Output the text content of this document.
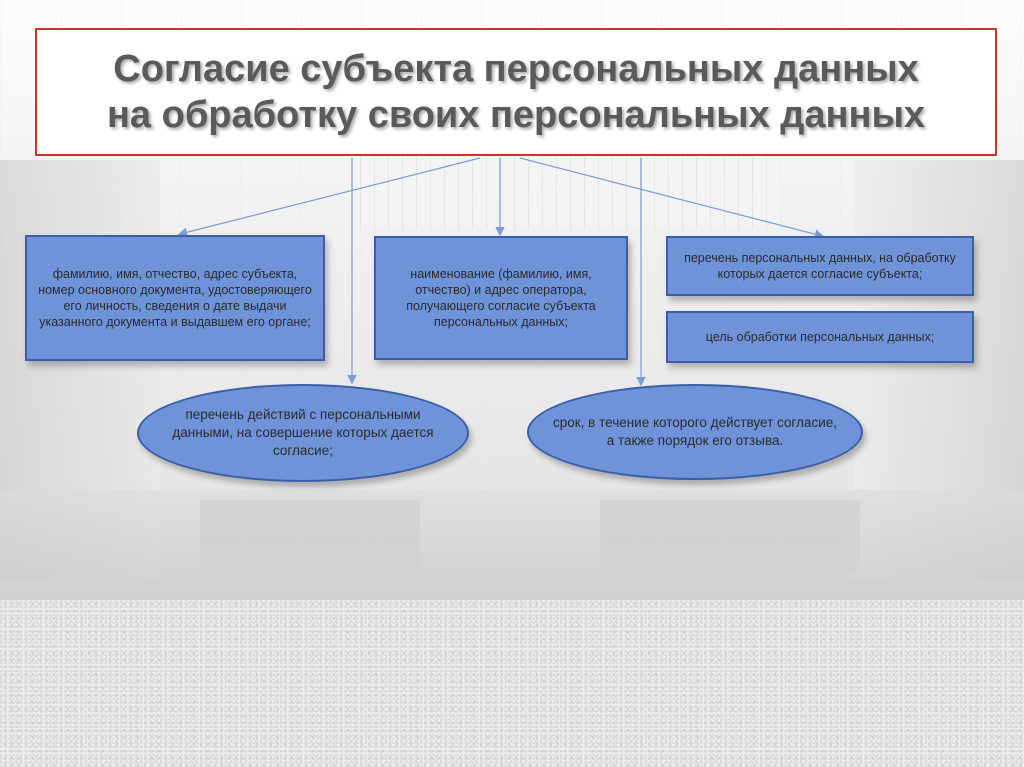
Согласие субъекта персональных данных на обработку своих персональных данных
фамилию, имя, отчество, адрес субъекта, номер основного документа, удостоверяющего его личность, сведения о дате выдачи указанного документа и выдавшем его органе;
наименование (фамилию, имя, отчество) и адрес оператора, получающего согласие субъекта персональных данных;
перечень персональных данных, на обработку которых дается согласие субъекта;
цель обработки персональных данных;
перечень действий с персональными данными, на совершение которых дается согласие;
срок, в течение которого действует согласие, а также порядок его отзыва.
